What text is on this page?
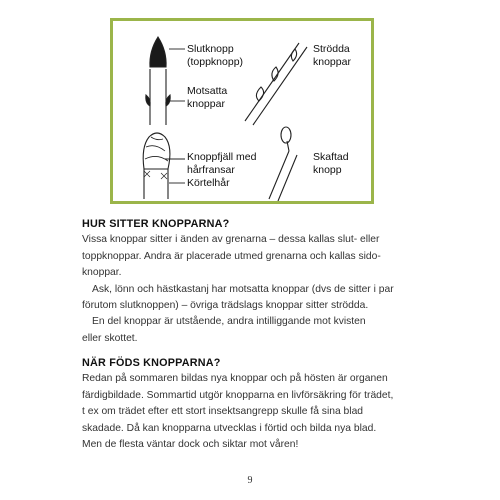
Slutknopp
(toppknopp)
Motsatta
knoppar
Knoppfjäll med
hårfransar
Körtelhår
Strödda
knoppar
Skaftad
knopp
HUR SITTER KNOPPARNA?

Vissa knoppar sitter i änden av grenarna – dessa kallas slut- eller
toppknoppar. Andra är placerade utmed grenarna och kallas sido-
knoppar.

Ask, lönn och hästkastanj har motsatta knoppar (dvs de sitter i par
förutom slutknoppen) – övriga trädslags knoppar sitter strödda.

En del knoppar är utstående, andra intilliggande mot kvisten
eller skottet.

NÄR FÖDS KNOPPARNA?

Redan på sommaren bildas nya knoppar och på hösten är organen
färdigbildade. Sommartid utgör knopparna en livförsäkring för trädet,
t ex om trädet efter ett stort insektsangrepp skulle få sina blad
skadade. Då kan knopparna utvecklas i förtid och bilda nya blad.
Men de flesta väntar dock och siktar mot våren!

9
